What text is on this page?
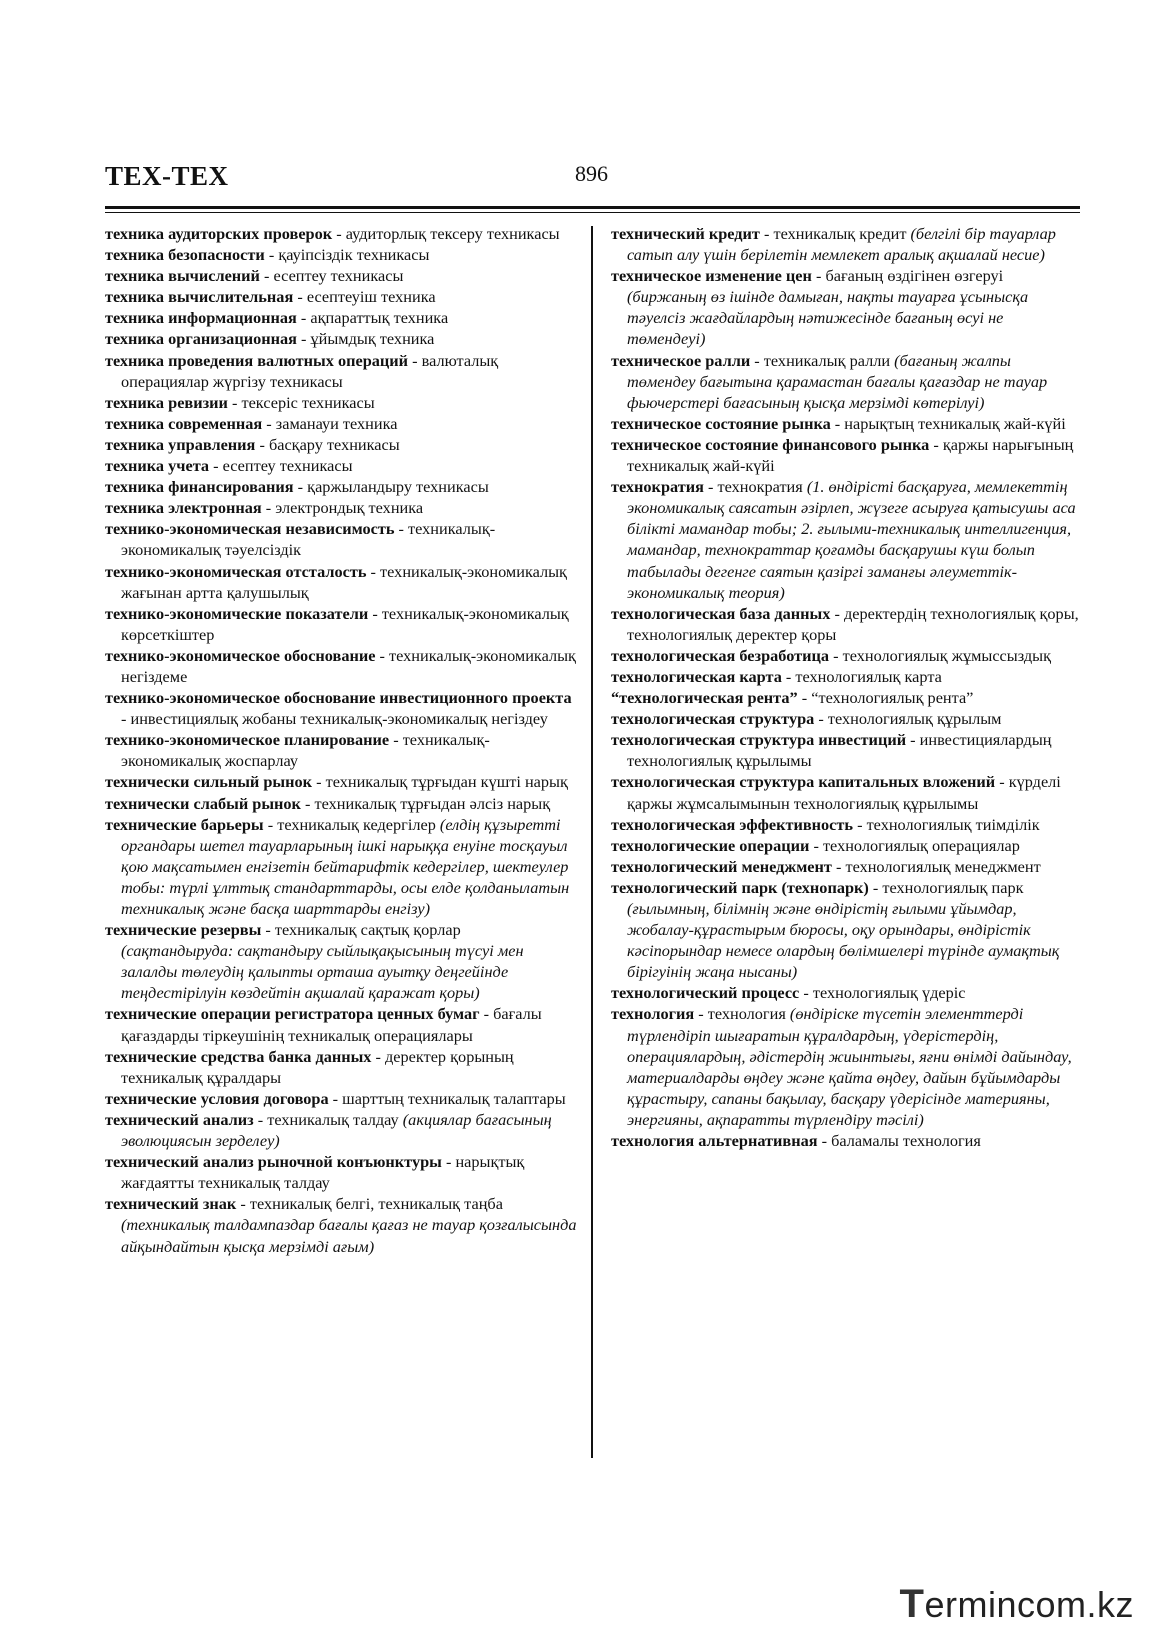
ТЕХ-ТЕХ	896

техника аудиторских проверок - аудиторлық тексеру техникасы

техника безопасности - қауіпсіздік техникасы

техника вычислений - есептеу техникасы

техника вычислительная - есептеуіш техника

техника информационная - ақпараттық техника

техника организационная - ұйымдық техника

техника проведения валютных операций - валюталық операциялар жүргізу техникасы

техника ревизии - тексеріс техникасы

техника современная - заманауи техника

техника управления - басқару техникасы

техника учета - есептеу техникасы

техника финансирования - қаржыландыру техникасы

техника электронная - электрондық техника

технико-экономическая независимость - техникалық-экономикалық тәуелсіздік

технико-экономическая отсталость - техникалық-экономикалық жағынан артта қалушылық

технико-экономические показатели - техникалық-экономикалық көрсеткіштер

технико-экономическое обоснование - техникалық-экономикалық негіздеме

технико-экономическое обоснование инвестиционного проекта - инвестициялық жобаны техникалық-экономикалық негіздеу

технико-экономическое планирование - техникалық-экономикалық жоспарлау

технически сильный рынок - техникалық тұрғыдан күшті нарық

технически слабый рынок - техникалық тұрғыдан әлсіз нарық

технические барьеры - техникалық кедергілер (елдің құзыретті органдары шетел тауарларының ішкі нарыққа енуіне тосқауыл қою мақсатымен енгізетін бейтарифтік кедергілер, шектеулер тобы: түрлі ұлттық стандарттарды, осы елде қолданылатын техникалық және басқа шарттарды енгізу)

технические резервы - техникалық сақтық қорлар (сақтандыруда: сақтандыру сыйлықақысының түсуі мен залалды төлеудің қалыпты орташа ауытқу деңгейінде теңдестірілуін көздейтін ақшалай қаражат қоры)

технические операции регистратора ценных бумаг - бағалы қағаздарды тіркеушінің техникалық операциялары

технические средства банка данных - деректер қорының техникалық құралдары

технические условия договора - шарттың техникалық талаптары

технический анализ - техникалық талдау (акциялар бағасының эволюциясын зерделеу)

технический анализ рыночной конъюнктуры - нарықтық жағдаятты техникалық талдау

технический знак - техникалық белгі, техникалық таңба (техникалық талдампаздар бағалы қағаз не тауар қозғалысында айқындайтын қысқа мерзімді ағым)

технический кредит - техникалық кредит (белгілі бір тауарлар сатып алу үшін берілетін мемлекет аралық ақшалай несие)

техническое изменение цен - бағаның өздігінен өзгеруі (биржаның өз ішінде дамыған, нақты тауарға ұсынысқа тәуелсіз жағдайлардың нәтижесінде бағаның өсуі не төмендеуі)

техническое ралли - техникалық ралли (бағаның жалпы төмендеу бағытына қарамастан бағалы қағаздар не тауар фьючерстері бағасының қысқа мерзімді көтерілуі)

техническое состояние рынка - нарықтың техникалық жай-күйі

техническое состояние финансового рынка - қаржы нарығының техникалық жай-күйі

технократия - технократия (1. өндірісті басқаруға, мемлекеттің экономикалық саясатын әзірлеп, жүзеге асыруға қатысушы аса білікті мамандар тобы; 2. ғылыми-техникалық интеллигенция, мамандар, технократтар қоғамды басқарушы күш болып табылады дегенге саятын қазіргі заманғы әлеуметтік-экономикалық теория)

технологическая база данных - деректердің технологиялық қоры, технологиялық деректер қоры

технологическая безработица - технологиялық жұмыссыздық

технологическая карта - технологиялық карта

“технологическая рента” - “технологиялық рента”

технологическая структура - технологиялық құрылым

технологическая структура инвестиций - инвестициялардың технологиялық құрылымы

технологическая структура капитальных вложений - күрделі қаржы жұмсалымынын технологиялық құрылымы

технологическая эффективность - технологиялық тиімділік

технологические операции - технологиялық операциялар

технологический менеджмент - технологиялық менеджмент

технологический парк (технопарк) - технологиялық парк (ғылымның, білімнің және өндірістің ғылыми ұйымдар, жобалау-құрастырым бюросы, оқу орындары, өндірістік кәсіпорындар немесе олардың бөлімшелері түрінде аумақтық бірігуінің жаңа нысаны)

технологический процесс - технологиялық үдеріс

технология - технология (өндіріске түсетін элементтерді түрлендіріп шығаратын құралдардың, үдерістердің, операциялардың, әдістердің жиынтығы, яғни өнімді дайындау, материалдарды өңдеу және қайта өңдеу, дайын бұйымдарды құрастыру, сапаны бақылау, басқару үдерісінде материяны, энергияны, ақпаратты түрлендіру тәсілі)

технология альтернативная - баламалы технология

Termincom.kz
